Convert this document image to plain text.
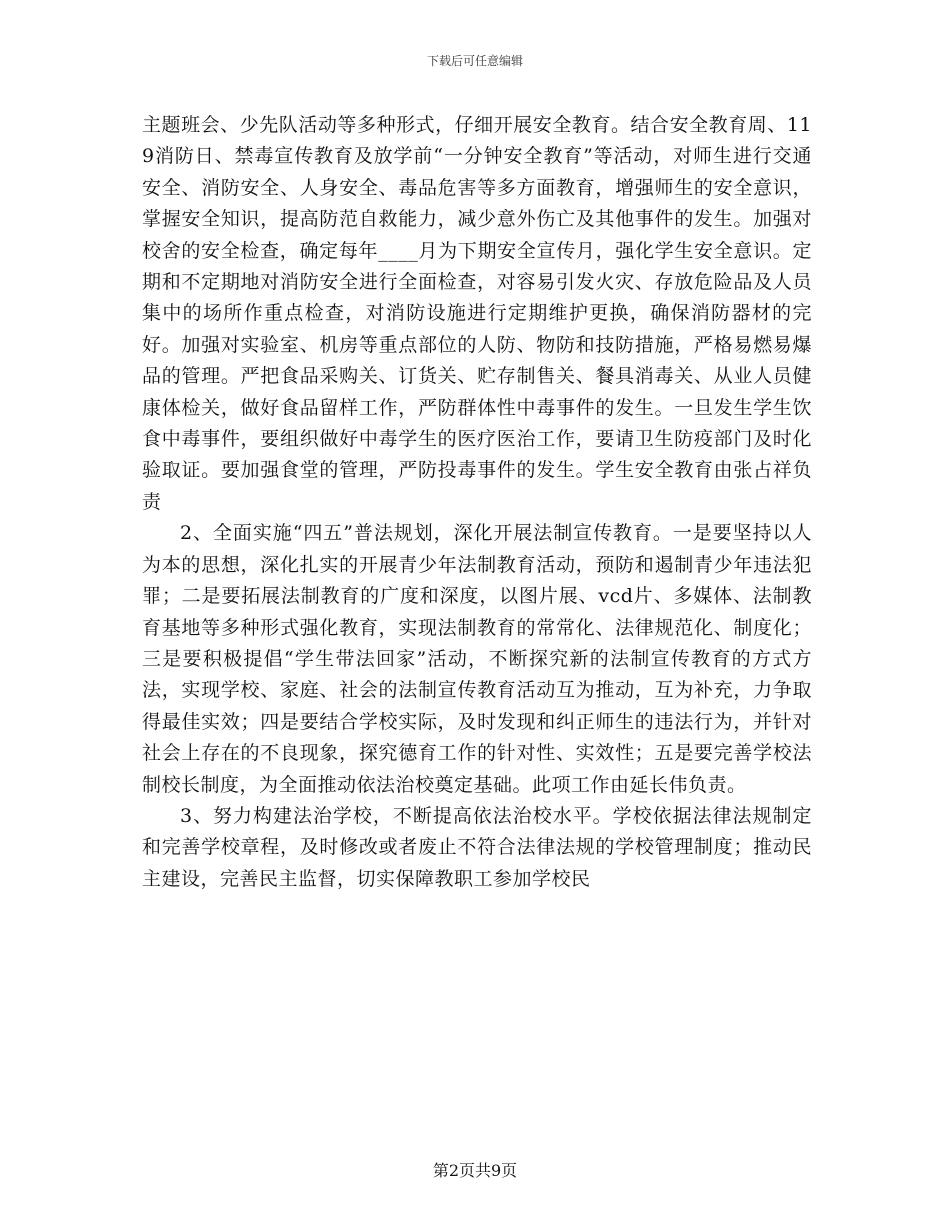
下载后可任意编辑

主题班会、少先队活动等多种形式，仔细开展安全教育。结合安全教育周、119消防日、禁毒宣传教育及放学前“一分钟安全教育”等活动，对师生进行交通安全、消防安全、人身安全、毒品危害等多方面教育，增强师生的安全意识，掌握安全知识，提高防范自救能力，减少意外伤亡及其他事件的发生。加强对校舍的安全检查，确定每年____月为下期安全宣传月，强化学生安全意识。定期和不定期地对消防安全进行全面检查，对容易引发火灾、存放危险品及人员集中的场所作重点检查，对消防设施进行定期维护更换，确保消防器材的完好。加强对实验室、机房等重点部位的人防、物防和技防措施，严格易燃易爆品的管理。严把食品采购关、订货关、贮存制售关、餐具消毒关、从业人员健康体检关，做好食品留样工作，严防群体性中毒事件的发生。一旦发生学生饮食中毒事件，要组织做好中毒学生的医疗医治工作，要请卫生防疫部门及时化验取证。要加强食堂的管理，严防投毒事件的发生。学生安全教育由张占祥负责

2、全面实施“四五”普法规划，深化开展法制宣传教育。一是要坚持以人为本的思想，深化扎实的开展青少年法制教育活动，预防和遏制青少年违法犯罪；二是要拓展法制教育的广度和深度，以图片展、vcd片、多媒体、法制教育基地等多种形式强化教育，实现法制教育的常常化、法律规范化、制度化；三是要积极提倡“学生带法回家”活动，不断探究新的法制宣传教育的方式方法，实现学校、家庭、社会的法制宣传教育活动互为推动，互为补充，力争取得最佳实效；四是要结合学校实际，及时发现和纠正师生的违法行为，并针对社会上存在的不良现象，探究德育工作的针对性、实效性；五是要完善学校法制校长制度，为全面推动依法治校奠定基础。此项工作由延长伟负责。

3、努力构建法治学校，不断提高依法治校水平。学校依据法律法规制定和完善学校章程，及时修改或者废止不符合法律法规的学校管理制度；推动民主建设，完善民主监督，切实保障教职工参加学校民

第2页共9页
